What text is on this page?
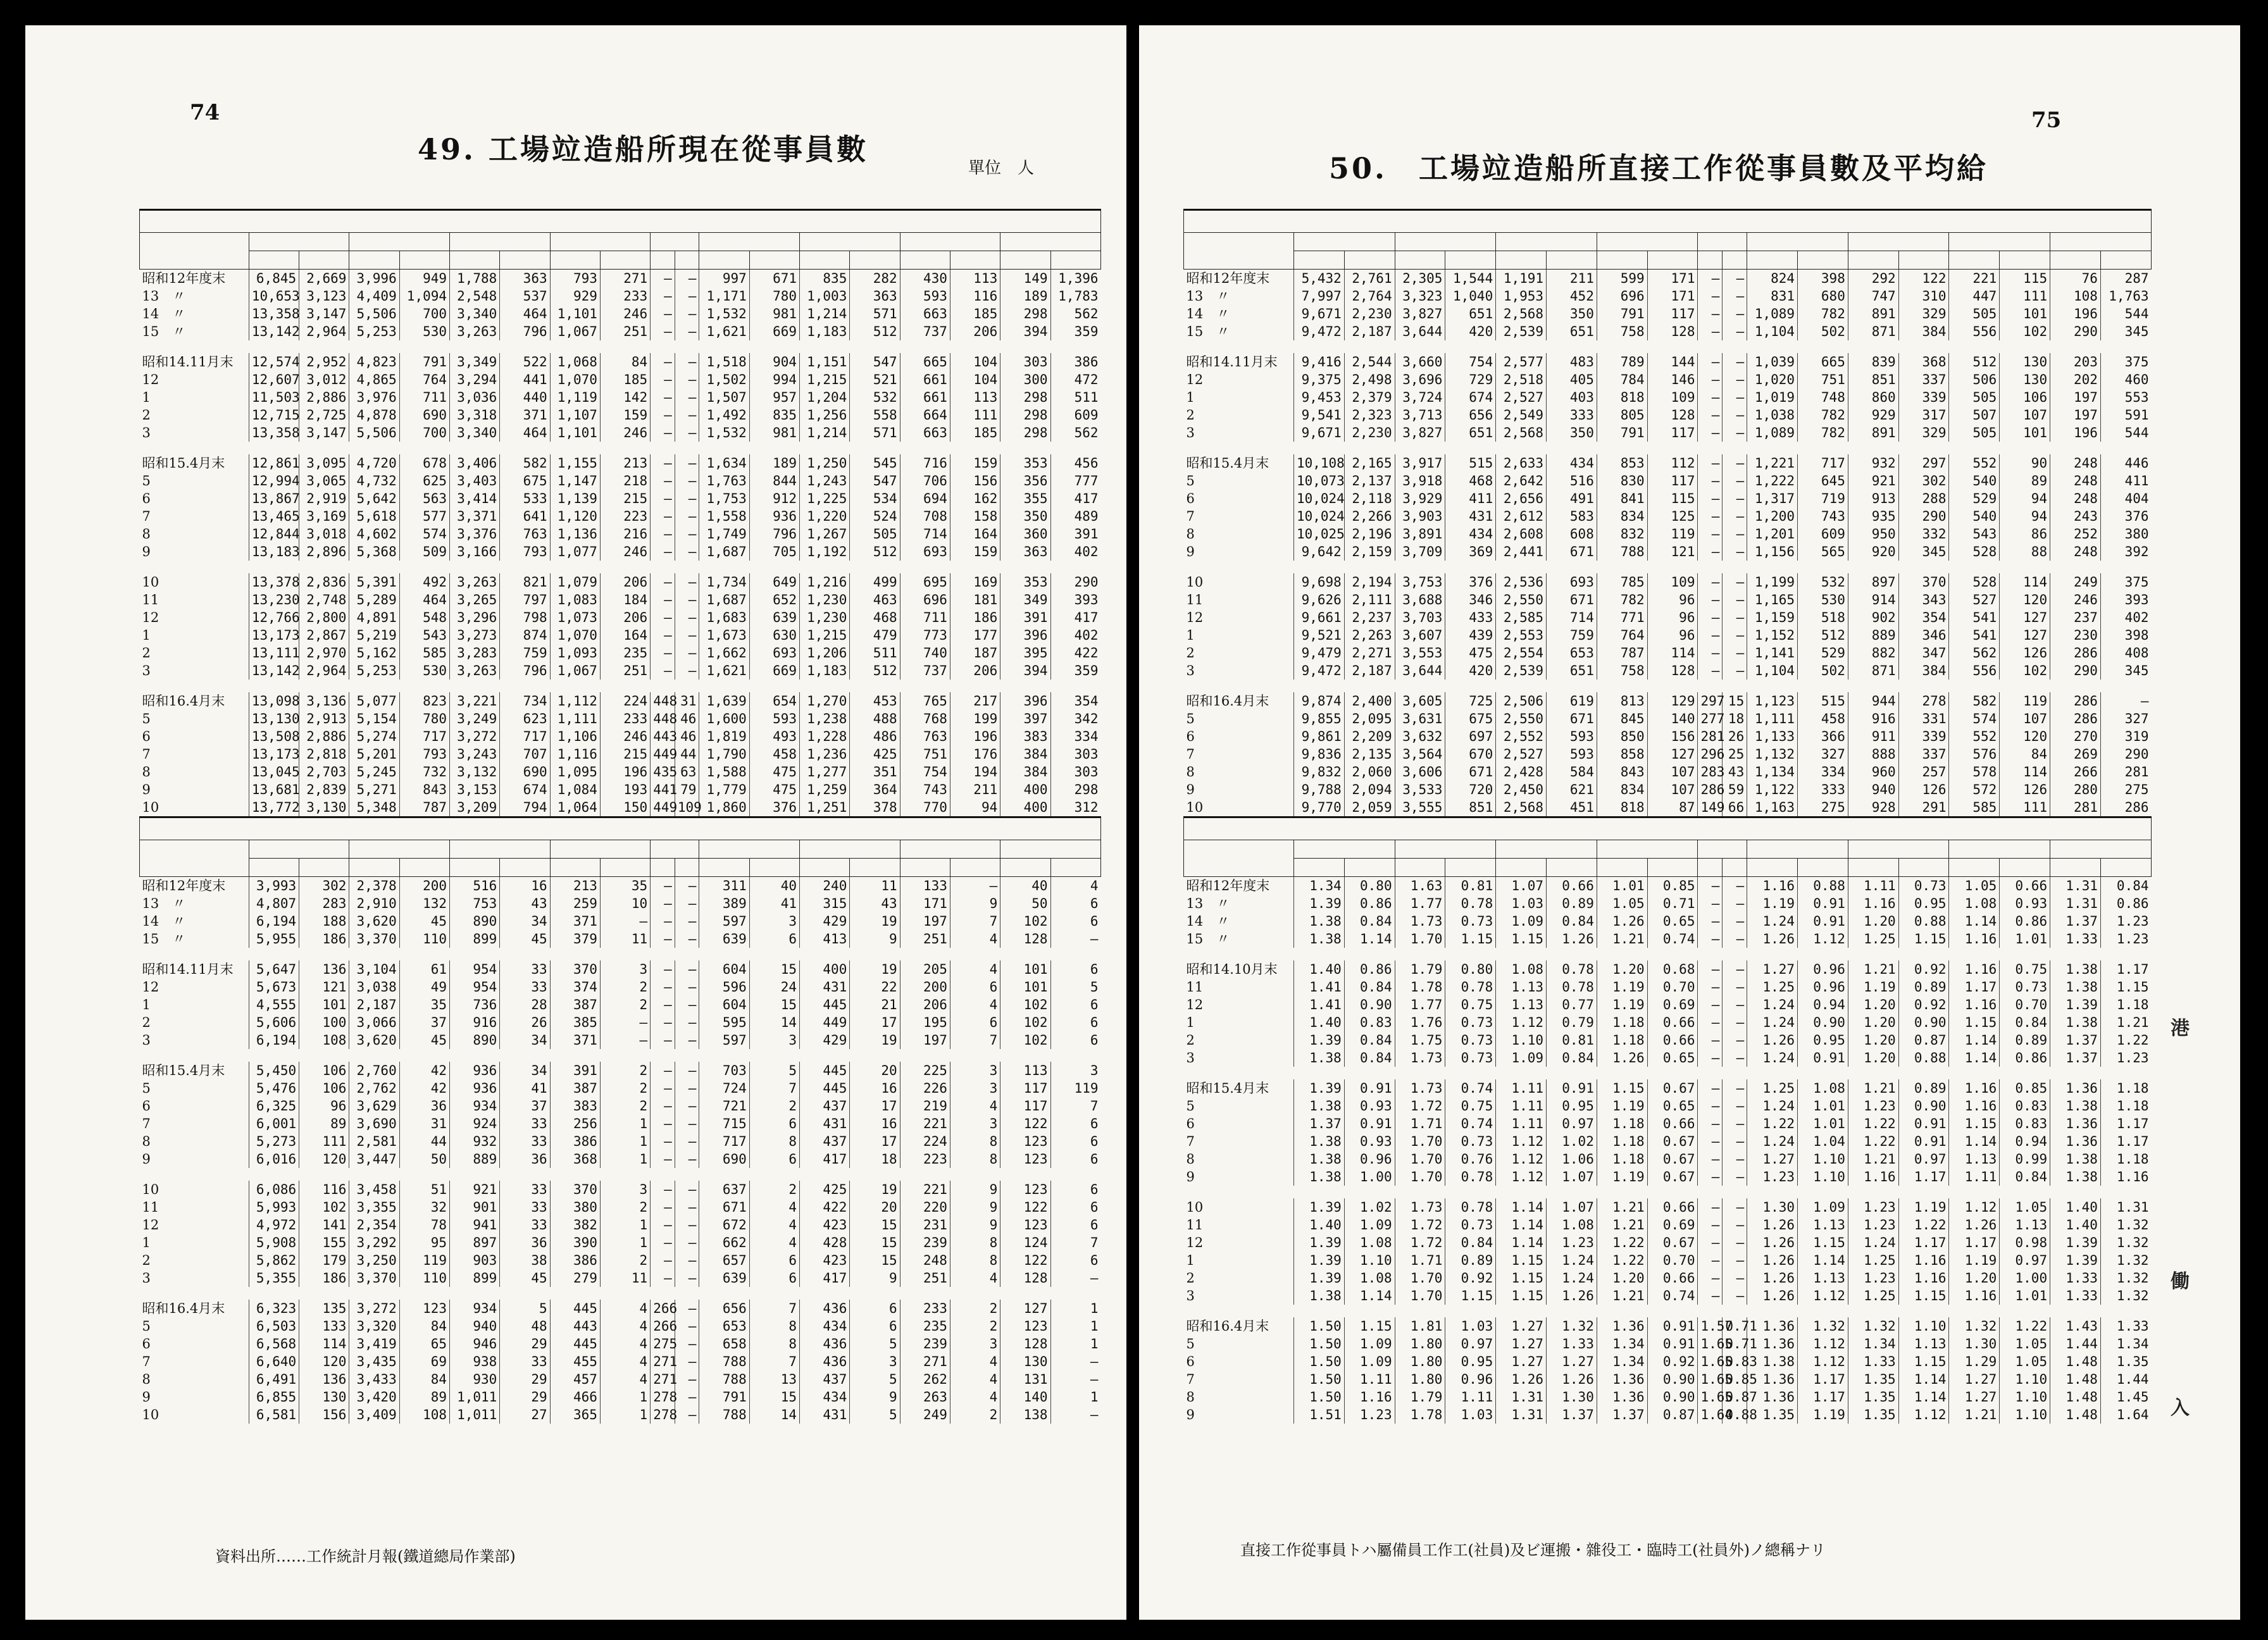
74
49. 工場竝造船所現在從事員數
單位　人

昭和12年度末	6,845	2,669	3,996	949	1,788	363	793	271	—	—	997	671	835	282	430	113	149	1,396
13　〃	10,653	3,123	4,409	1,094	2,548	537	929	233	—	—	1,171	780	1,003	363	593	116	189	1,783
14　〃	13,358	3,147	5,506	700	3,340	464	1,101	246	—	—	1,532	981	1,214	571	663	185	298	562
15　〃	13,142	2,964	5,253	530	3,263	796	1,067	251	—	—	1,621	669	1,183	512	737	206	394	359

昭和14.11月末	12,574	2,952	4,823	791	3,349	522	1,068	84	—	—	1,518	904	1,151	547	665	104	303	386
12	12,607	3,012	4,865	764	3,294	441	1,070	185	—	—	1,502	994	1,215	521	661	104	300	472
1	11,503	2,886	3,976	711	3,036	440	1,119	142	—	—	1,507	957	1,204	532	661	113	298	511
2	12,715	2,725	4,878	690	3,318	371	1,107	159	—	—	1,492	835	1,256	558	664	111	298	609
3	13,358	3,147	5,506	700	3,340	464	1,101	246	—	—	1,532	981	1,214	571	663	185	298	562

昭和15.4月末	12,861	3,095	4,720	678	3,406	582	1,155	213	—	—	1,634	189	1,250	545	716	159	353	456
5	12,994	3,065	4,732	625	3,403	675	1,147	218	—	—	1,763	844	1,243	547	706	156	356	777
6	13,867	2,919	5,642	563	3,414	533	1,139	215	—	—	1,753	912	1,225	534	694	162	355	417
7	13,465	3,169	5,618	577	3,371	641	1,120	223	—	—	1,558	936	1,220	524	708	158	350	489
8	12,844	3,018	4,602	574	3,376	763	1,136	216	—	—	1,749	796	1,267	505	714	164	360	391
9	13,183	2,896	5,368	509	3,166	793	1,077	246	—	—	1,687	705	1,192	512	693	159	363	402

10	13,378	2,836	5,391	492	3,263	821	1,079	206	—	—	1,734	649	1,216	499	695	169	353	290
11	13,230	2,748	5,289	464	3,265	797	1,083	184	—	—	1,687	652	1,230	463	696	181	349	393
12	12,766	2,800	4,891	548	3,296	798	1,073	206	—	—	1,683	639	1,230	468	711	186	391	417
1	13,173	2,867	5,219	543	3,273	874	1,070	164	—	—	1,673	630	1,215	479	773	177	396	402
2	13,111	2,970	5,162	585	3,283	759	1,093	235	—	—	1,662	693	1,206	511	740	187	395	422
3	13,142	2,964	5,253	530	3,263	796	1,067	251	—	—	1,621	669	1,183	512	737	206	394	359

昭和16.4月末	13,098	3,136	5,077	823	3,221	734	1,112	224	448	31	1,639	654	1,270	453	765	217	396	354
5	13,130	2,913	5,154	780	3,249	623	1,111	233	448	46	1,600	593	1,238	488	768	199	397	342
6	13,508	2,886	5,274	717	3,272	717	1,106	246	443	46	1,819	493	1,228	486	763	196	383	334
7	13,173	2,818	5,201	793	3,243	707	1,116	215	449	44	1,790	458	1,236	425	751	176	384	303
8	13,045	2,703	5,245	732	3,132	690	1,095	196	435	63	1,588	475	1,277	351	754	194	384	303
9	13,681	2,839	5,271	843	3,153	674	1,084	193	441	79	1,779	475	1,259	364	743	211	400	298
10	13,772	3,130	5,348	787	3,209	794	1,064	150	449	109	1,860	376	1,251	378	770	94	400	312

昭和12年度末	3,993	302	2,378	200	516	16	213	35	—	—	311	40	240	11	133	—	40	4
13　〃	4,807	283	2,910	132	753	43	259	10	—	—	389	41	315	43	171	9	50	6
14　〃	6,194	188	3,620	45	890	34	371	—	—	—	597	3	429	19	197	7	102	6
15　〃	5,955	186	3,370	110	899	45	379	11	—	—	639	6	413	9	251	4	128	—

昭和14.11月末	5,647	136	3,104	61	954	33	370	3	—	—	604	15	400	19	205	4	101	6
12	5,673	121	3,038	49	954	33	374	2	—	—	596	24	431	22	200	6	101	5
1	4,555	101	2,187	35	736	28	387	2	—	—	604	15	445	21	206	4	102	6
2	5,606	100	3,066	37	916	26	385	—	—	—	595	14	449	17	195	6	102	6
3	6,194	108	3,620	45	890	34	371	—	—	—	597	3	429	19	197	7	102	6

昭和15.4月末	5,450	106	2,760	42	936	34	391	2	—	—	703	5	445	20	225	3	113	3
5	5,476	106	2,762	42	936	41	387	2	—	—	724	7	445	16	226	3	117	119
6	6,325	96	3,629	36	934	37	383	2	—	—	721	2	437	17	219	4	117	7
7	6,001	89	3,690	31	924	33	256	1	—	—	715	6	431	16	221	3	122	6
8	5,273	111	2,581	44	932	33	386	1	—	—	717	8	437	17	224	8	123	6
9	6,016	120	3,447	50	889	36	368	1	—	—	690	6	417	18	223	8	123	6

10	6,086	116	3,458	51	921	33	370	3	—	—	637	2	425	19	221	9	123	6
11	5,993	102	3,355	32	901	33	380	2	—	—	671	4	422	20	220	9	122	6
12	4,972	141	2,354	78	941	33	382	1	—	—	672	4	423	15	231	9	123	6
1	5,908	155	3,292	95	897	36	390	1	—	—	662	4	428	15	239	8	124	7
2	5,862	179	3,250	119	903	38	386	2	—	—	657	6	423	15	248	8	122	6
3	5,355	186	3,370	110	899	45	279	11	—	—	639	6	417	9	251	4	128	—

昭和16.4月末	6,323	135	3,272	123	934	5	445	4	266	—	656	7	436	6	233	2	127	1
5	6,503	133	3,320	84	940	48	443	4	266	—	653	8	434	6	235	2	123	1
6	6,568	114	3,419	65	946	29	445	4	275	—	658	8	436	5	239	3	128	1
7	6,640	120	3,435	69	938	33	455	4	271	—	788	7	436	3	271	4	130	—
8	6,491	136	3,433	84	930	29	457	4	271	—	788	13	437	5	262	4	131	—
9	6,855	130	3,420	89	1,011	29	466	1	278	—	791	15	434	9	263	4	140	1
10	6,581	156	3,409	108	1,011	27	365	1	278	—	788	14	431	5	249	2	138	—
資料出所……工作統計月報(鐵道總局作業部)
75
50.　工場竝造船所直接工作從事員數及平均給

昭和12年度末	5,432	2,761	2,305	1,544	1,191	211	599	171	—	—	824	398	292	122	221	115	76	287
13　〃	7,997	2,764	3,323	1,040	1,953	452	696	171	—	—	831	680	747	310	447	111	108	1,763
14　〃	9,671	2,230	3,827	651	2,568	350	791	117	—	—	1,089	782	891	329	505	101	196	544
15　〃	9,472	2,187	3,644	420	2,539	651	758	128	—	—	1,104	502	871	384	556	102	290	345

昭和14.11月末	9,416	2,544	3,660	754	2,577	483	789	144	—	—	1,039	665	839	368	512	130	203	375
12	9,375	2,498	3,696	729	2,518	405	784	146	—	—	1,020	751	851	337	506	130	202	460
1	9,453	2,379	3,724	674	2,527	403	818	109	—	—	1,019	748	860	339	505	106	197	553
2	9,541	2,323	3,713	656	2,549	333	805	128	—	—	1,038	782	929	317	507	107	197	591
3	9,671	2,230	3,827	651	2,568	350	791	117	—	—	1,089	782	891	329	505	101	196	544

昭和15.4月末	10,108	2,165	3,917	515	2,633	434	853	112	—	—	1,221	717	932	297	552	90	248	446
5	10,073	2,137	3,918	468	2,642	516	830	117	—	—	1,222	645	921	302	540	89	248	411
6	10,024	2,118	3,929	411	2,656	491	841	115	—	—	1,317	719	913	288	529	94	248	404
7	10,024	2,266	3,903	431	2,612	583	834	125	—	—	1,200	743	935	290	540	94	243	376
8	10,025	2,196	3,891	434	2,608	608	832	119	—	—	1,201	609	950	332	543	86	252	380
9	9,642	2,159	3,709	369	2,441	671	788	121	—	—	1,156	565	920	345	528	88	248	392

10	9,698	2,194	3,753	376	2,536	693	785	109	—	—	1,199	532	897	370	528	114	249	375
11	9,626	2,111	3,688	346	2,550	671	782	96	—	—	1,165	530	914	343	527	120	246	393
12	9,661	2,237	3,703	433	2,585	714	771	96	—	—	1,159	518	902	354	541	127	237	402
1	9,521	2,263	3,607	439	2,553	759	764	96	—	—	1,152	512	889	346	541	127	230	398
2	9,479	2,271	3,553	475	2,554	653	787	114	—	—	1,141	529	882	347	562	126	286	408
3	9,472	2,187	3,644	420	2,539	651	758	128	—	—	1,104	502	871	384	556	102	290	345

昭和16.4月末	9,874	2,400	3,605	725	2,506	619	813	129	297	15	1,123	515	944	278	582	119	286	—
5	9,855	2,095	3,631	675	2,550	671	845	140	277	18	1,111	458	916	331	574	107	286	327
6	9,861	2,209	3,632	697	2,552	593	850	156	281	26	1,133	366	911	339	552	120	270	319
7	9,836	2,135	3,564	670	2,527	593	858	127	296	25	1,132	327	888	337	576	84	269	290
8	9,832	2,060	3,606	671	2,428	584	843	107	283	43	1,134	334	960	257	578	114	266	281
9	9,788	2,094	3,533	720	2,450	621	834	107	286	59	1,122	333	940	126	572	126	280	275
10	9,770	2,059	3,555	851	2,568	451	818	87	149	66	1,163	275	928	291	585	111	281	286

昭和12年度末	1.34	0.80	1.63	0.81	1.07	0.66	1.01	0.85	—	—	1.16	0.88	1.11	0.73	1.05	0.66	1.31	0.84
13　〃	1.39	0.86	1.77	0.78	1.03	0.89	1.05	0.71	—	—	1.19	0.91	1.16	0.95	1.08	0.93	1.31	0.86
14　〃	1.38	0.84	1.73	0.73	1.09	0.84	1.26	0.65	—	—	1.24	0.91	1.20	0.88	1.14	0.86	1.37	1.23
15　〃	1.38	1.14	1.70	1.15	1.15	1.26	1.21	0.74	—	—	1.26	1.12	1.25	1.15	1.16	1.01	1.33	1.23

昭和14.10月末	1.40	0.86	1.79	0.80	1.08	0.78	1.20	0.68	—	—	1.27	0.96	1.21	0.92	1.16	0.75	1.38	1.17
11	1.41	0.84	1.78	0.78	1.13	0.78	1.19	0.70	—	—	1.25	0.96	1.19	0.89	1.17	0.73	1.38	1.15
12	1.41	0.90	1.77	0.75	1.13	0.77	1.19	0.69	—	—	1.24	0.94	1.20	0.92	1.16	0.70	1.39	1.18
1	1.40	0.83	1.76	0.73	1.12	0.79	1.18	0.66	—	—	1.24	0.90	1.20	0.90	1.15	0.84	1.38	1.21
2	1.39	0.84	1.75	0.73	1.10	0.81	1.18	0.66	—	—	1.26	0.95	1.20	0.87	1.14	0.89	1.37	1.22
3	1.38	0.84	1.73	0.73	1.09	0.84	1.26	0.65	—	—	1.24	0.91	1.20	0.88	1.14	0.86	1.37	1.23

昭和15.4月末	1.39	0.91	1.73	0.74	1.11	0.91	1.15	0.67	—	—	1.25	1.08	1.21	0.89	1.16	0.85	1.36	1.18
5	1.38	0.93	1.72	0.75	1.11	0.95	1.19	0.65	—	—	1.24	1.01	1.23	0.90	1.16	0.83	1.38	1.18
6	1.37	0.91	1.71	0.74	1.11	0.97	1.18	0.66	—	—	1.22	1.01	1.22	0.91	1.15	0.83	1.36	1.17
7	1.38	0.93	1.70	0.73	1.12	1.02	1.18	0.67	—	—	1.24	1.04	1.22	0.91	1.14	0.94	1.36	1.17
8	1.38	0.96	1.70	0.76	1.12	1.06	1.18	0.67	—	—	1.27	1.10	1.21	0.97	1.13	0.99	1.38	1.18
9	1.38	1.00	1.70	0.78	1.12	1.07	1.19	0.67	—	—	1.23	1.10	1.16	1.17	1.11	0.84	1.38	1.16

10	1.39	1.02	1.73	0.78	1.14	1.07	1.21	0.66	—	—	1.30	1.09	1.23	1.19	1.12	1.05	1.40	1.31
11	1.40	1.09	1.72	0.73	1.14	1.08	1.21	0.69	—	—	1.26	1.13	1.23	1.22	1.26	1.13	1.40	1.32
12	1.39	1.08	1.72	0.84	1.14	1.23	1.22	0.67	—	—	1.26	1.15	1.24	1.17	1.17	0.98	1.39	1.32
1	1.39	1.10	1.71	0.89	1.15	1.24	1.22	0.70	—	—	1.26	1.14	1.25	1.16	1.19	0.97	1.39	1.32
2	1.39	1.08	1.70	0.92	1.15	1.24	1.20	0.66	—	—	1.26	1.13	1.23	1.16	1.20	1.00	1.33	1.32
3	1.38	1.14	1.70	1.15	1.15	1.26	1.21	0.74	—	—	1.26	1.12	1.25	1.15	1.16	1.01	1.33	1.32

昭和16.4月末	1.50	1.15	1.81	1.03	1.27	1.32	1.36	0.91	1.57	0.71	1.36	1.32	1.32	1.10	1.32	1.22	1.43	1.33
5	1.50	1.09	1.80	0.97	1.27	1.33	1.34	0.91	1.65	0.71	1.36	1.12	1.34	1.13	1.30	1.05	1.44	1.34
6	1.50	1.09	1.80	0.95	1.27	1.27	1.34	0.92	1.65	0.83	1.38	1.12	1.33	1.15	1.29	1.05	1.48	1.35
7	1.50	1.11	1.80	0.96	1.26	1.26	1.36	0.90	1.65	0.85	1.36	1.17	1.35	1.14	1.27	1.10	1.48	1.44
8	1.50	1.16	1.79	1.11	1.31	1.30	1.36	0.90	1.65	0.87	1.36	1.17	1.35	1.14	1.27	1.10	1.48	1.45
9	1.51	1.23	1.78	1.03	1.31	1.37	1.37	0.87	1.64	0.88	1.35	1.19	1.35	1.12	1.21	1.10	1.48	1.64
直接工作從事員トハ屬備員工作工(社員)及ビ運搬・雜役工・臨時工(社員外)ノ總稱ナリ
港
働
入
